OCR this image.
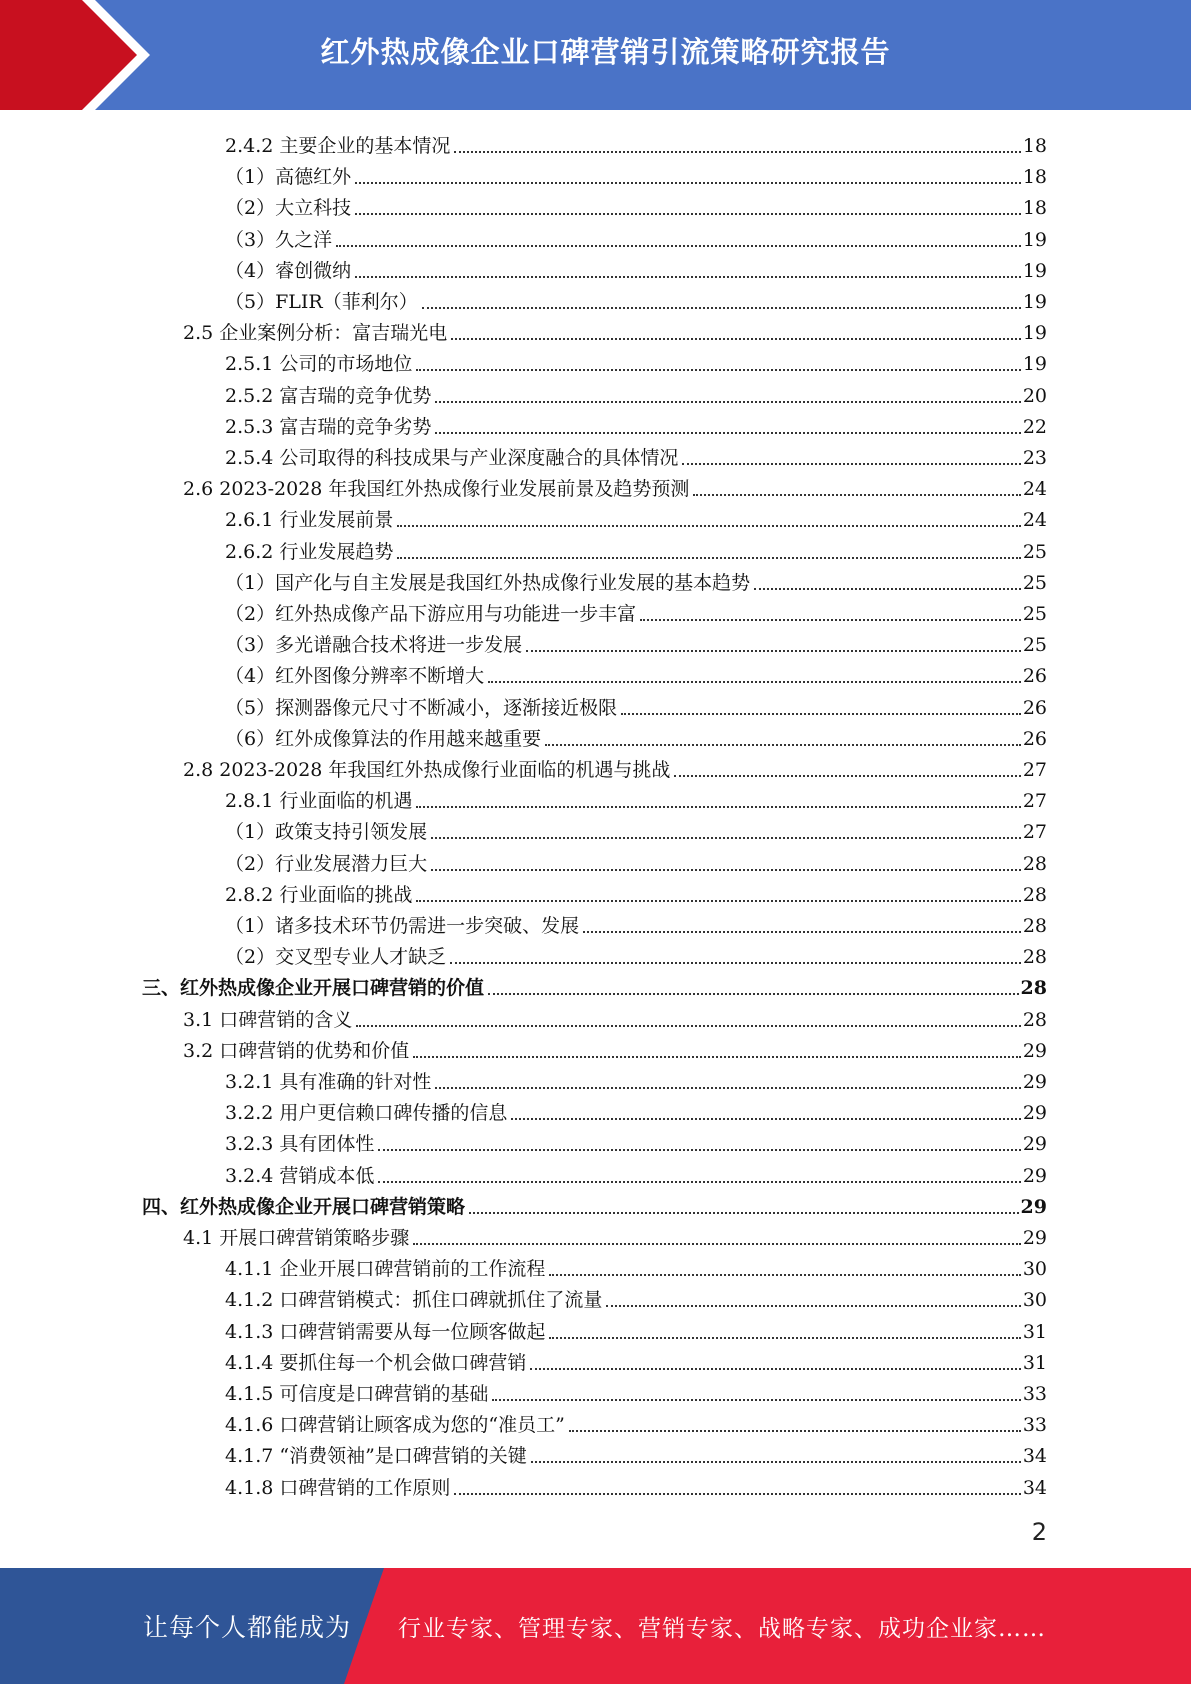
红外热成像企业口碑营销引流策略研究报告
2.4.2 主要企业的基本情况	18
（1）高德红外	18
（2）大立科技	18
（3）久之洋	19
（4）睿创微纳	19
（5）FLIR（菲利尔）	19
2.5 企业案例分析：富吉瑞光电	19
2.5.1 公司的市场地位	19
2.5.2 富吉瑞的竞争优势	20
2.5.3 富吉瑞的竞争劣势	22
2.5.4 公司取得的科技成果与产业深度融合的具体情况	23
2.6 2023-2028 年我国红外热成像行业发展前景及趋势预测	24
2.6.1 行业发展前景	24
2.6.2 行业发展趋势	25
（1）国产化与自主发展是我国红外热成像行业发展的基本趋势	25
（2）红外热成像产品下游应用与功能进一步丰富	25
（3）多光谱融合技术将进一步发展	25
（4）红外图像分辨率不断增大	26
（5）探测器像元尺寸不断减小，逐渐接近极限	26
（6）红外成像算法的作用越来越重要	26
2.8 2023-2028 年我国红外热成像行业面临的机遇与挑战	27
2.8.1 行业面临的机遇	27
（1）政策支持引领发展	27
（2）行业发展潜力巨大	28
2.8.2 行业面临的挑战	28
（1）诸多技术环节仍需进一步突破、发展	28
（2）交叉型专业人才缺乏	28
三、红外热成像企业开展口碑营销的价值	28
3.1 口碑营销的含义	28
3.2 口碑营销的优势和价值	29
3.2.1 具有准确的针对性	29
3.2.2 用户更信赖口碑传播的信息	29
3.2.3 具有团体性	29
3.2.4 营销成本低	29
四、红外热成像企业开展口碑营销策略	29
4.1 开展口碑营销策略步骤	29
4.1.1 企业开展口碑营销前的工作流程	30
4.1.2 口碑营销模式：抓住口碑就抓住了流量	30
4.1.3 口碑营销需要从每一位顾客做起	31
4.1.4 要抓住每一个机会做口碑营销	31
4.1.5 可信度是口碑营销的基础	33
4.1.6 口碑营销让顾客成为您的“准员工”	33
4.1.7 “消费领袖”是口碑营销的关键	34
4.1.8 口碑营销的工作原则	34
2
让每个人都能成为 行业专家、管理专家、营销专家、战略专家、成功企业家……
